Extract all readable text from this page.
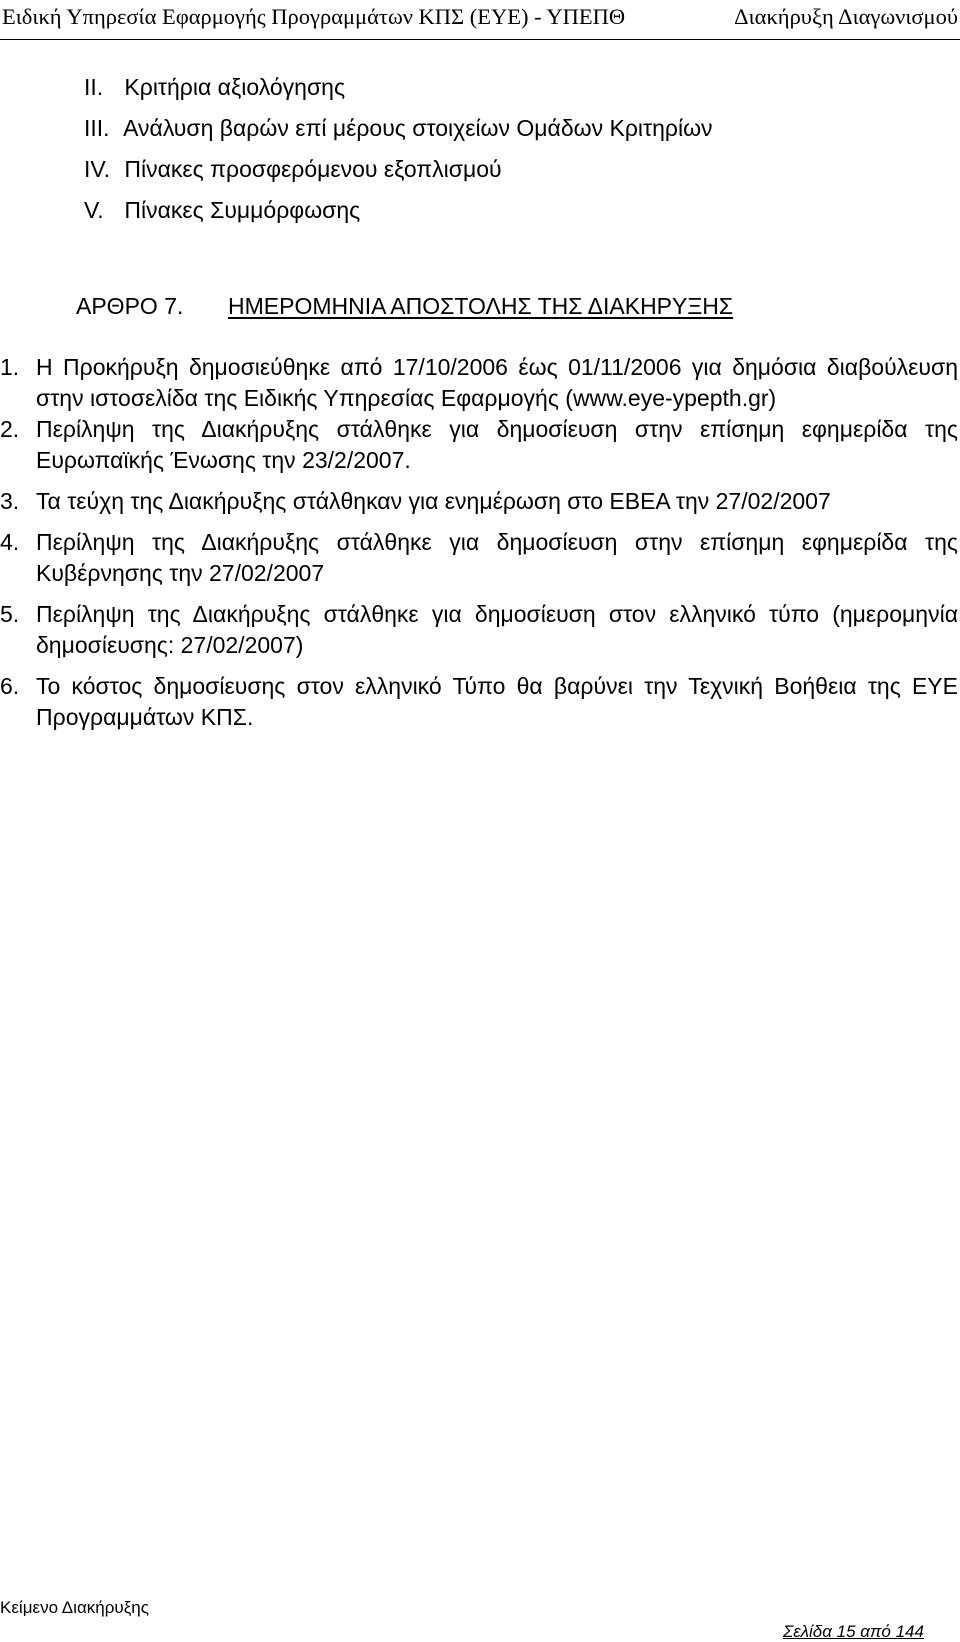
Ειδική Υπηρεσία Εφαρμογής Προγραμμάτων ΚΠΣ (ΕΥΕ) - ΥΠΕΠΘ	Διακήρυξη Διαγωνισμού
II. Κριτήρια αξιολόγησης
III. Ανάλυση βαρών επί μέρους στοιχείων Ομάδων Κριτηρίων
IV. Πίνακες προσφερόμενου εξοπλισμού
V. Πίνακες Συμμόρφωσης
ΑΡΘΡΟ 7. ΗΜΕΡΟΜΗΝΙΑ ΑΠΟΣΤΟΛΗΣ ΤΗΣ ΔΙΑΚΗΡΥΞΗΣ
1. Η Προκήρυξη δημοσιεύθηκε από 17/10/2006 έως 01/11/2006 για δημόσια διαβούλευση στην ιστοσελίδα της Ειδικής Υπηρεσίας Εφαρμογής (www.eye-ypepth.gr)
2. Περίληψη της Διακήρυξης στάλθηκε για δημοσίευση στην επίσημη εφημερίδα της Ευρωπαϊκής Ένωσης την 23/2/2007.
3. Τα τεύχη της Διακήρυξης στάλθηκαν για ενημέρωση στο ΕΒΕΑ την 27/02/2007
4. Περίληψη της Διακήρυξης στάλθηκε για δημοσίευση στην επίσημη εφημερίδα της Κυβέρνησης την 27/02/2007
5. Περίληψη της Διακήρυξης στάλθηκε για δημοσίευση στον ελληνικό τύπο (ημερομηνία δημοσίευσης: 27/02/2007)
6. Το κόστος δημοσίευσης στον ελληνικό Τύπο θα βαρύνει την Τεχνική Βοήθεια της ΕΥΕ Προγραμμάτων ΚΠΣ.
Κείμενο Διακήρυξης
Σελίδα 15 από 144
